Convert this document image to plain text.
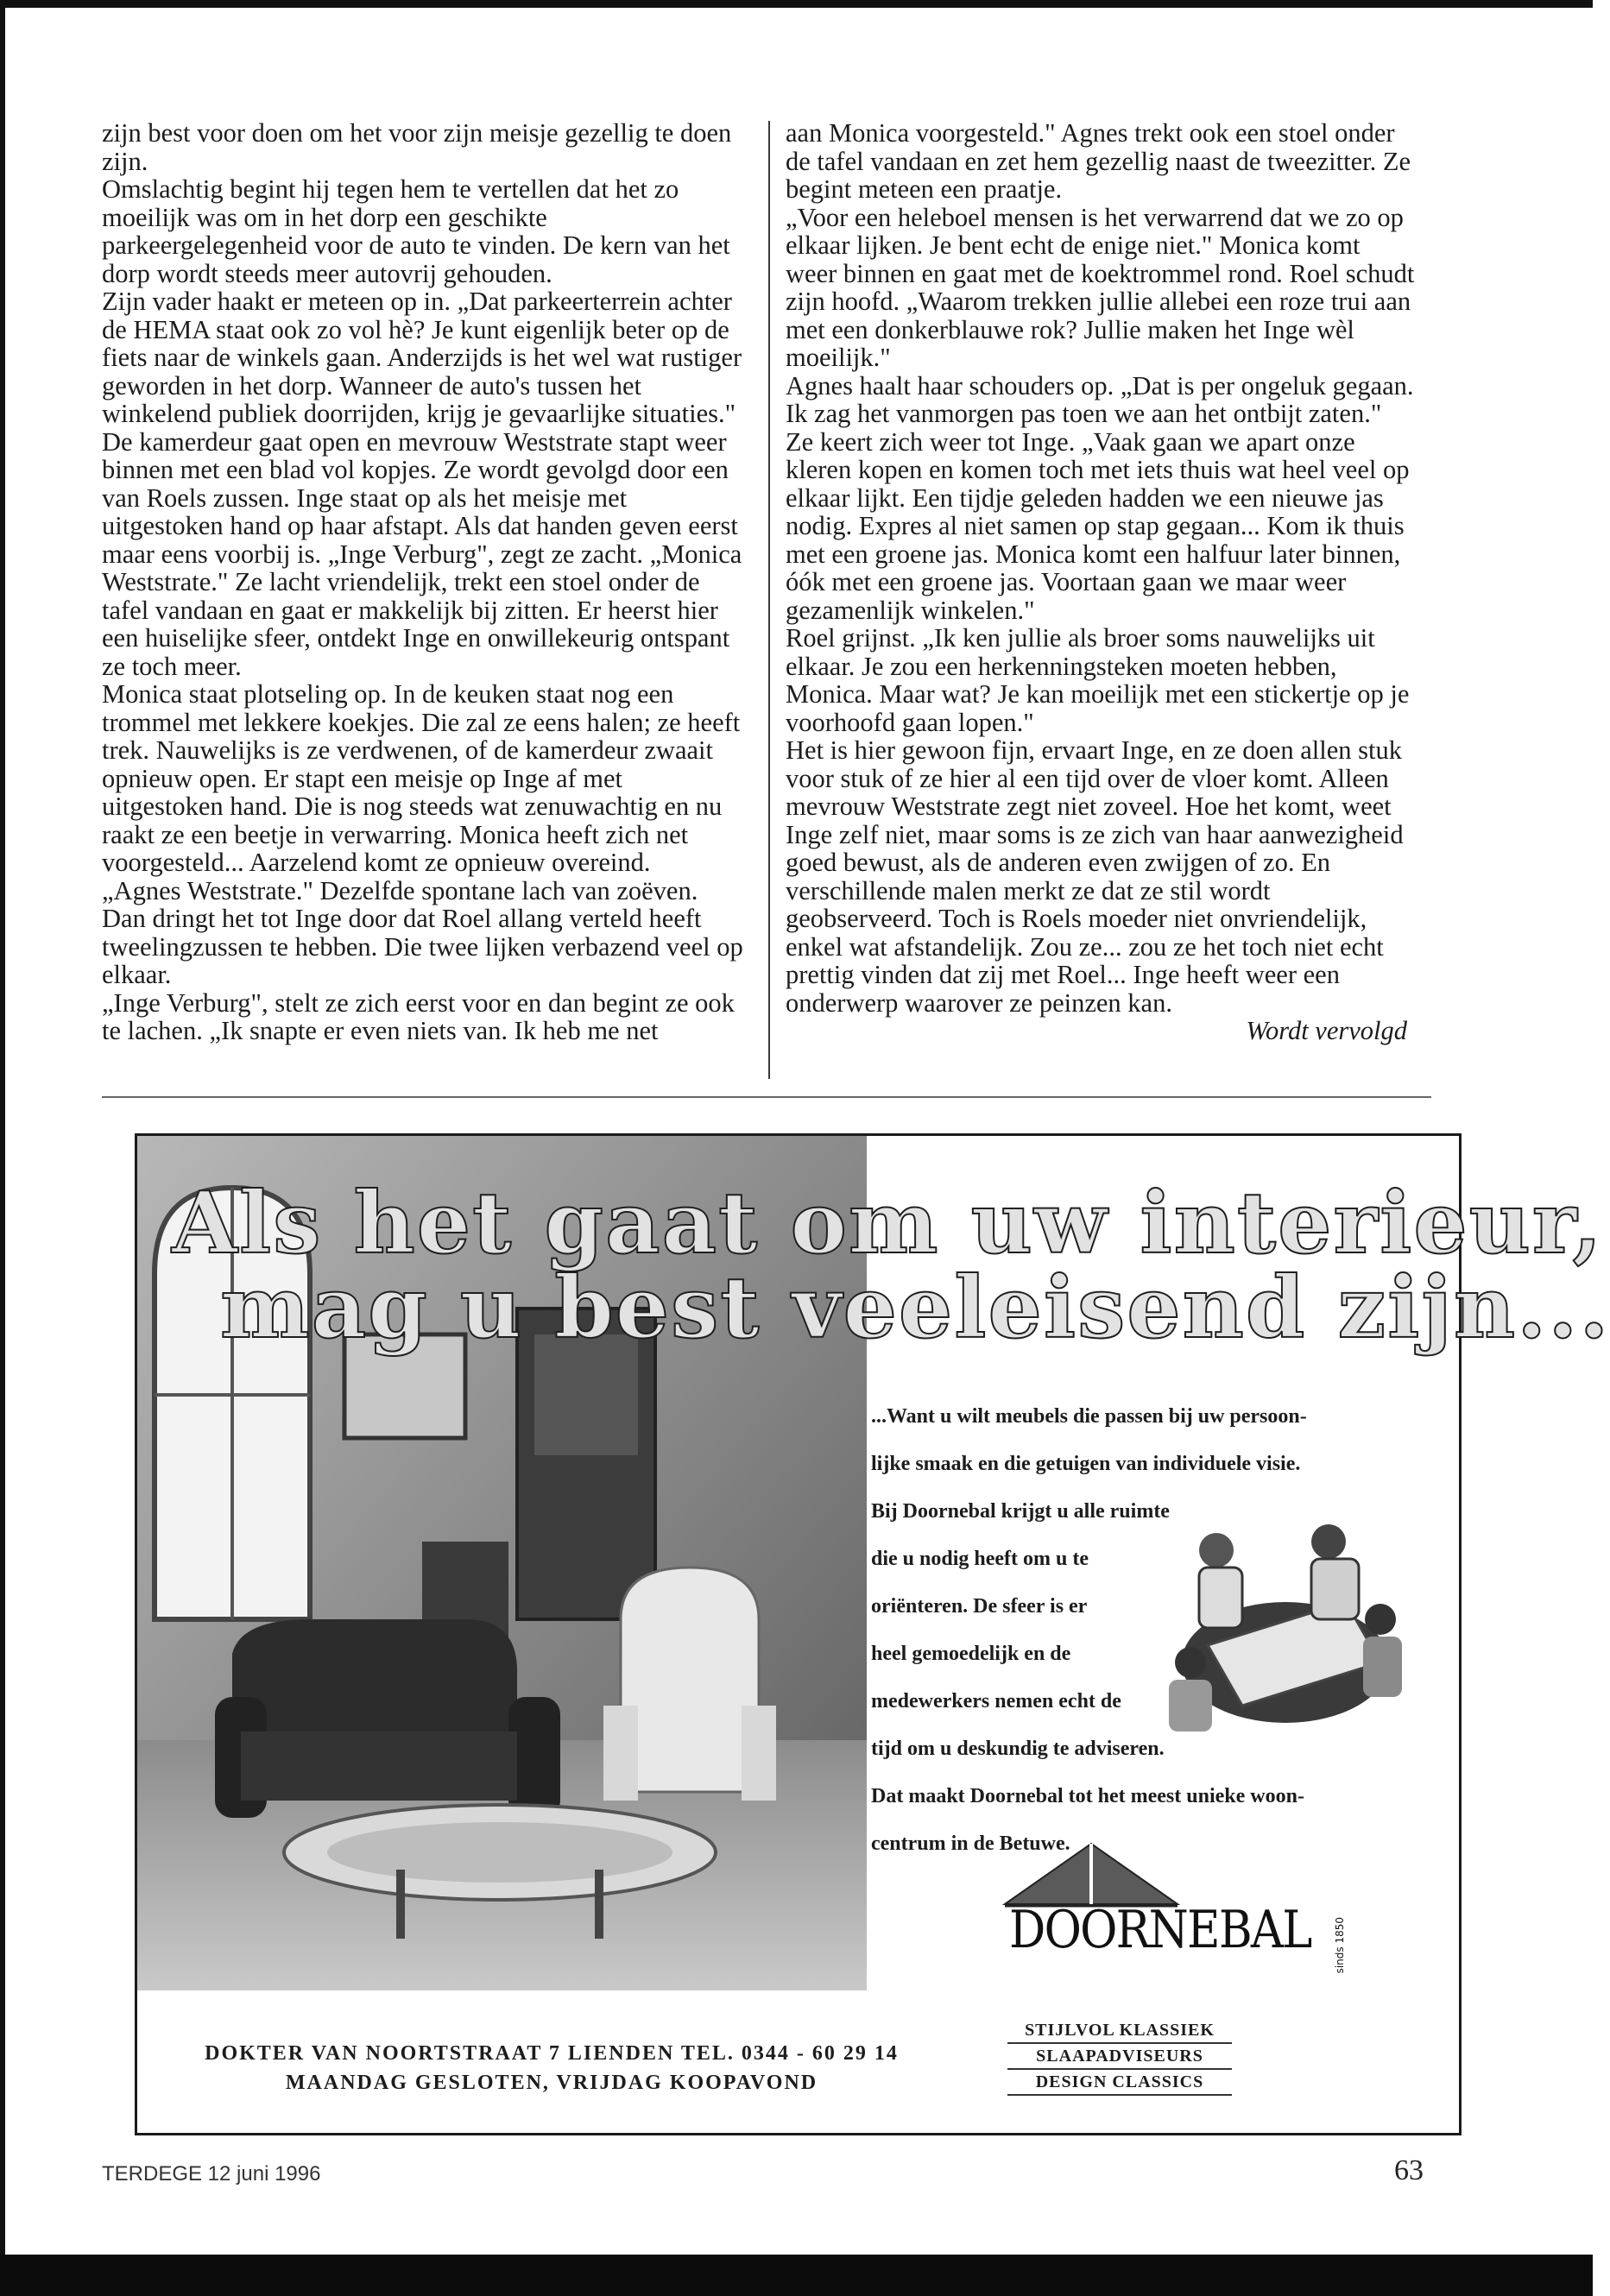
zijn best voor doen om het voor zijn meisje gezellig te doen zijn.

Omslachtig begint hij tegen hem te vertellen dat het zo moeilijk was om in het dorp een geschikte parkeergelegenheid voor de auto te vinden. De kern van het dorp wordt steeds meer autovrij gehouden.

Zijn vader haakt er meteen op in. „Dat parkeerterrein achter de HEMA staat ook zo vol hè? Je kunt eigenlijk beter op de fiets naar de winkels gaan. Anderzijds is het wel wat rustiger geworden in het dorp. Wanneer de auto's tussen het winkelend publiek doorrijden, krijg je gevaarlijke situaties."

De kamerdeur gaat open en mevrouw Weststrate stapt weer binnen met een blad vol kopjes. Ze wordt gevolgd door een van Roels zussen. Inge staat op als het meisje met uitgestoken hand op haar afstapt. Als dat handen geven eerst maar eens voorbij is. „Inge Verburg", zegt ze zacht. „Monica Weststrate." Ze lacht vriendelijk, trekt een stoel onder de tafel vandaan en gaat er makkelijk bij zitten. Er heerst hier een huiselijke sfeer, ontdekt Inge en onwillekeurig ontspant ze toch meer.

Monica staat plotseling op. In de keuken staat nog een trommel met lekkere koekjes. Die zal ze eens halen; ze heeft trek. Nauwelijks is ze verdwenen, of de kamerdeur zwaait opnieuw open. Er stapt een meisje op Inge af met uitgestoken hand. Die is nog steeds wat zenuwachtig en nu raakt ze een beetje in verwarring. Monica heeft zich net voorgesteld... Aarzelend komt ze opnieuw overeind.

„Agnes Weststrate." Dezelfde spontane lach van zoëven. Dan dringt het tot Inge door dat Roel allang verteld heeft tweelingzussen te hebben. Die twee lijken verbazend veel op elkaar.

„Inge Verburg", stelt ze zich eerst voor en dan begint ze ook te lachen. „Ik snapte er even niets van. Ik heb me net

aan Monica voorgesteld." Agnes trekt ook een stoel onder de tafel vandaan en zet hem gezellig naast de tweezitter. Ze begint meteen een praatje.

„Voor een heleboel mensen is het verwarrend dat we zo op elkaar lijken. Je bent echt de enige niet." Monica komt weer binnen en gaat met de koektrommel rond. Roel schudt zijn hoofd. „Waarom trekken jullie allebei een roze trui aan met een donkerblauwe rok? Jullie maken het Inge wèl moeilijk."

Agnes haalt haar schouders op. „Dat is per ongeluk gegaan. Ik zag het vanmorgen pas toen we aan het ontbijt zaten." Ze keert zich weer tot Inge. „Vaak gaan we apart onze kleren kopen en komen toch met iets thuis wat heel veel op elkaar lijkt. Een tijdje geleden hadden we een nieuwe jas nodig. Expres al niet samen op stap gegaan... Kom ik thuis met een groene jas. Monica komt een halfuur later binnen, óók met een groene jas. Voortaan gaan we maar weer gezamenlijk winkelen."

Roel grijnst. „Ik ken jullie als broer soms nauwelijks uit elkaar. Je zou een herkenningsteken moeten hebben, Monica. Maar wat? Je kan moeilijk met een stickertje op je voorhoofd gaan lopen."

Het is hier gewoon fijn, ervaart Inge, en ze doen allen stuk voor stuk of ze hier al een tijd over de vloer komt. Alleen mevrouw Weststrate zegt niet zoveel. Hoe het komt, weet Inge zelf niet, maar soms is ze zich van haar aanwezigheid goed bewust, als de anderen even zwijgen of zo. En verschillende malen merkt ze dat ze stil wordt geobserveerd. Toch is Roels moeder niet onvriendelijk, enkel wat afstandelijk. Zou ze... zou ze het toch niet echt prettig vinden dat zij met Roel... Inge heeft weer een onderwerp waarover ze peinzen kan.

Wordt vervolgd

Als het gaat om uw interieur,
mag u best veeleisend zijn...
...Want u wilt meubels die passen bij uw persoon-
lijke smaak en die getuigen van individuele visie.
Bij Doornebal krijgt u alle ruimte
die u nodig heeft om u te
oriënteren. De sfeer is er
heel gemoedelijk en de
medewerkers nemen echt de
tijd om u deskundig te adviseren.
Dat maakt Doornebal tot het meest unieke woon-
centrum in de Betuwe.
DOORNEBAL sinds 1850
STIJLVOL KLASSIEK
SLAAPADVISEURS
DESIGN CLASSICS
DOKTER VAN NOORTSTRAAT 7 LIENDEN TEL. 0344 - 60 29 14
MAANDAG GESLOTEN, VRIJDAG KOOPAVOND
TERDEGE 12 juni 1996	63
